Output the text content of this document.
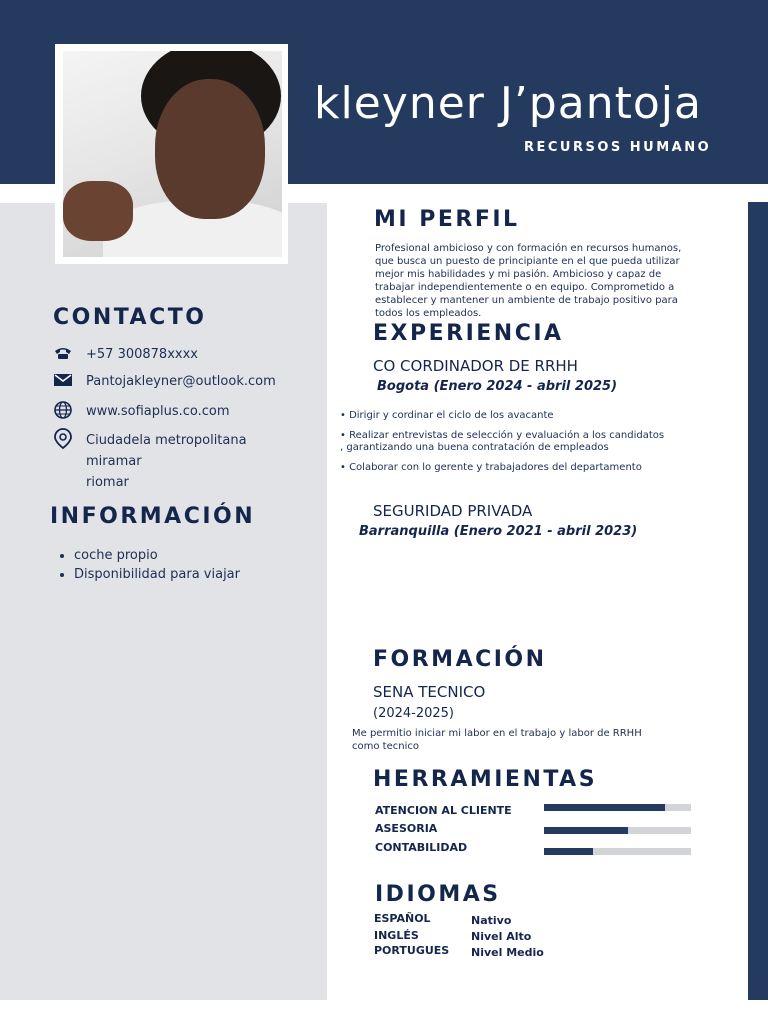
kleyner J’pantoja
RECURSOS HUMANO
CONTACTO
+57 300878xxxx
Pantojakleyner@outlook.com
www.sofiaplus.co.com
Ciudadela metropolitana
miramar
riomar
INFORMACIÓN
• coche propio
• Disponibilidad para viajar
MI PERFIL
Profesional ambicioso y con formación en recursos humanos, que busca un puesto de principiante en el que pueda utilizar mejor mis habilidades y mi pasión. Ambicioso y capaz de trabajar independientemente o en equipo. Comprometido a establecer y mantener un ambiente de trabajo positivo para todos los empleados.
EXPERIENCIA
CO CORDINADOR DE RRHH
Bogota (Enero 2024 - abril 2025)
• Dirigir y cordinar el ciclo de los avacante
• Realizar entrevistas de selección y evaluación a los candidatos , garantizando una buena contratación de empleados
• Colaborar con lo gerente y trabajadores del departamento
SEGURIDAD PRIVADA
Barranquilla (Enero 2021 - abril 2023)
FORMACIÓN
SENA TECNICO
(2024-2025)
Me permitio iniciar mi labor en el trabajo y labor de RRHH como tecnico
HERRAMIENTAS
ATENCION AL CLIENTE
ASESORIA
CONTABILIDAD
IDIOMAS
ESPAÑOL	Nativo
INGLÉS	Nivel Alto
PORTUGUES Nivel Medio
